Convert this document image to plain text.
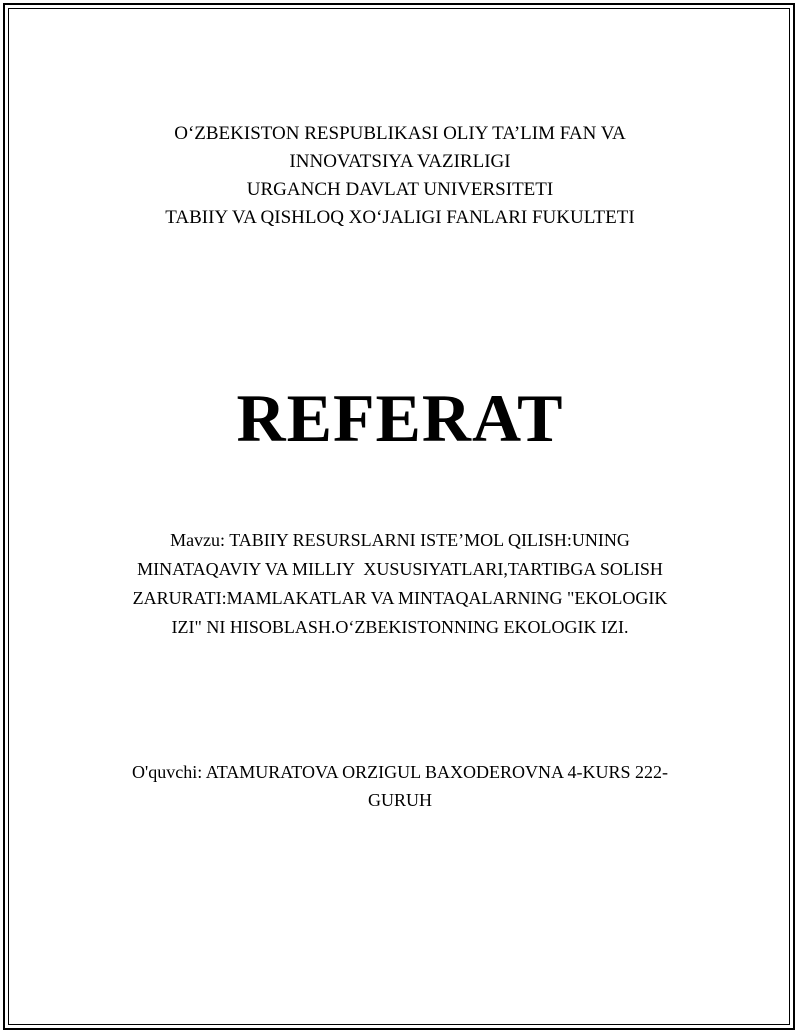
O‘ZBEKISTON RESPUBLIKASI OLIY TA’LIM FAN VA
INNOVATSIYA VAZIRLIGI
URGANCH DAVLAT UNIVERSITETI
TABIIY VA QISHLOQ XO‘JALIGI FANLARI FUKULTETI
REFERAT
Mavzu: TABIIY RESURSLARNI ISTE’MOL QILISH:UNING
MINATAQAVIY VA MILLIY  XUSUSIYATLARI,TARTIBGA SOLISH
ZARURATI:MAMLAKATLAR VA MINTAQALARNING "EKOLOGIK
IZI" NI HISOBLASH.O‘ZBEKISTONNING EKOLOGIK IZI.
O'quvchi: ATAMURATOVA ORZIGUL BAXODEROVNA 4-KURS 222-
GURUH
